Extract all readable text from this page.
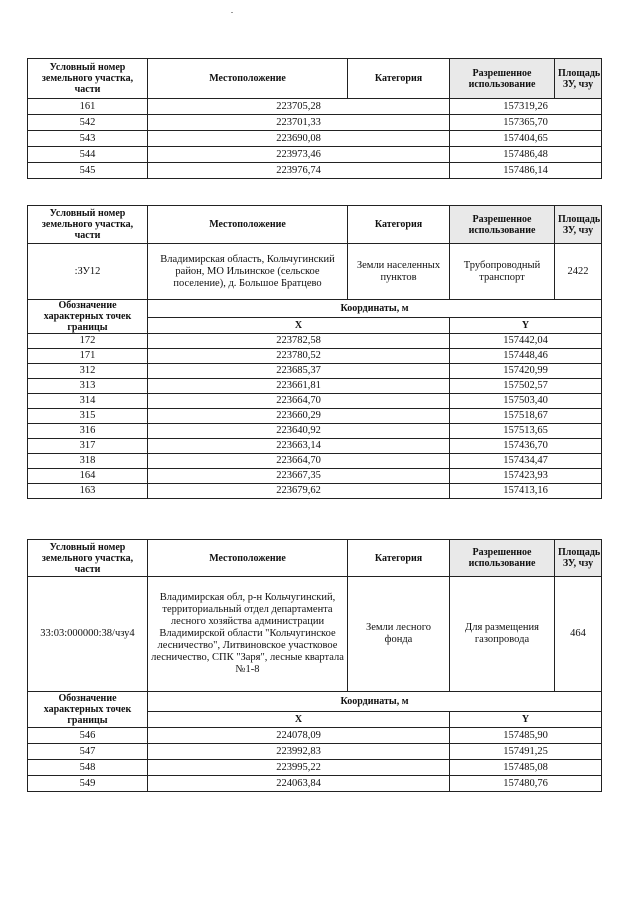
Условный номер земельного участка, части	Местоположение	Категория	Разрешенное использование	Площадь ЗУ, чзу
161	223705,28		157319,26	
542	223701,33		157365,70	
543	223690,08		157404,65	
544	223973,46		157486,48	
545	223976,74		157486,14	
Условный номер земельного участка, части	Местоположение	Категория	Разрешенное использование	Площадь ЗУ, чзу
:ЗУ12	Владимирская область, Кольчугинский район, МО Ильинское (сельское поселение), д. Большое Братцево	Земли населенных пунктов	Трубопроводный транспорт	2422
Обозначение характерных точек границы	Координаты, м			
	X		Y	
172	223782,58		157442,04	
171	223780,52		157448,46	
312	223685,37		157420,99	
313	223661,81		157502,57	
314	223664,70		157503,40	
315	223660,29		157518,67	
316	223640,92		157513,65	
317	223663,14		157436,70	
318	223664,70		157434,47	
164	223667,35		157423,93	
163	223679,62		157413,16	
Условный номер земельного участка, части	Местоположение	Категория	Разрешенное использование	Площадь ЗУ, чзу
33:03:000000:38/чзу4	Владимирская обл, р-н Кольчугинский, территориальный отдел департамента лесного хозяйства администрации Владимирской области "Кольчугинское лесничество", Литвиновское участковое лесничество, СПК "Заря", лесные квартала №1-8	Земли лесного фонда	Для размещения газопровода	464
Обозначение характерных точек границы	Координаты, м			
	X		Y	
546	224078,09		157485,90	
547	223992,83		157491,25	
548	223995,22		157485,08	
549	224063,84		157480,76	
